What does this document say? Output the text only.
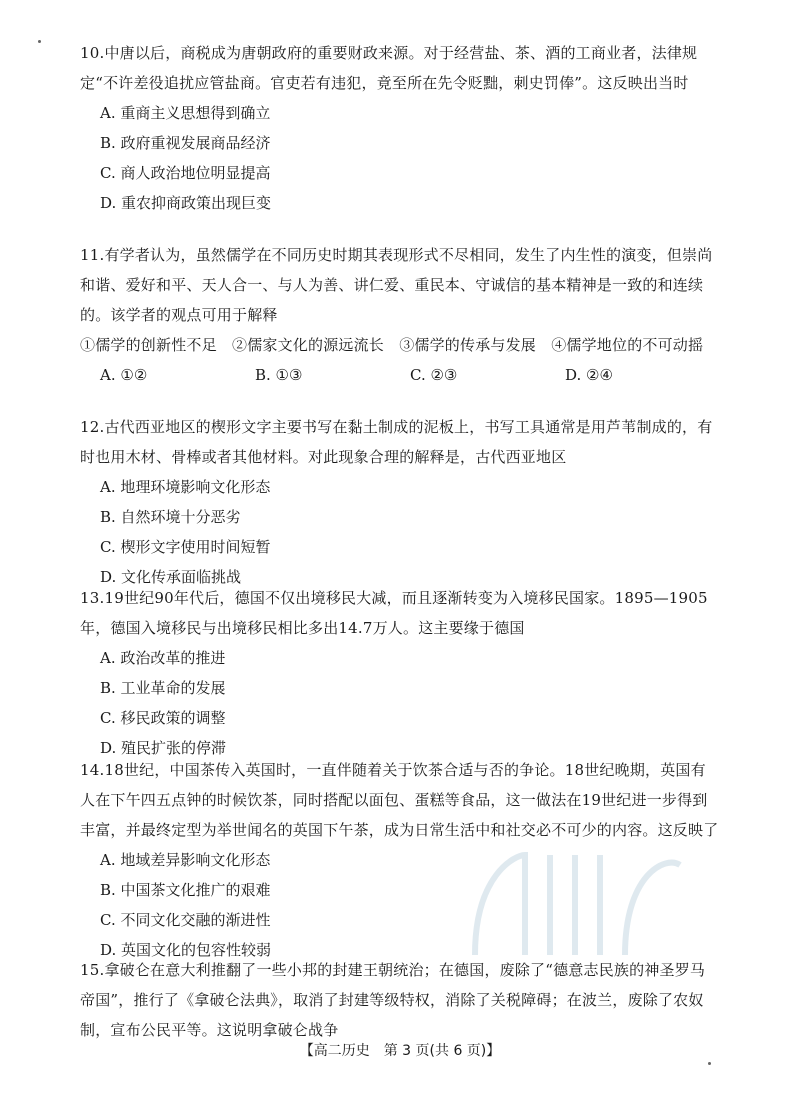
10.中唐以后，商税成为唐朝政府的重要财政来源。对于经营盐、茶、酒的工商业者，法律规定“不许差役追扰应管盐商。官吏若有违犯，竟至所在先令贬黜，刺史罚俸”。这反映出当时

A. 重商主义思想得到确立

B. 政府重视发展商品经济

C. 商人政治地位明显提高

D. 重农抑商政策出现巨变

11.有学者认为，虽然儒学在不同历史时期其表现形式不尽相同，发生了内生性的演变，但崇尚和谐、爱好和平、天人合一、与人为善、讲仁爱、重民本、守诚信的基本精神是一致的和连续的。该学者的观点可用于解释

①儒学的创新性不足　②儒家文化的源远流长　③儒学的传承与发展　④儒学地位的不可动摇

A. ①②	B. ①③	C. ②③	D. ②④

12.古代西亚地区的楔形文字主要书写在黏土制成的泥板上，书写工具通常是用芦苇制成的，有时也用木材、骨棒或者其他材料。对此现象合理的解释是，古代西亚地区

A. 地理环境影响文化形态

B. 自然环境十分恶劣

C. 楔形文字使用时间短暂

D. 文化传承面临挑战

13.19世纪90年代后，德国不仅出境移民大减，而且逐渐转变为入境移民国家。1895—1905年，德国入境移民与出境移民相比多出14.7万人。这主要缘于德国

A. 政治改革的推进

B. 工业革命的发展

C. 移民政策的调整

D. 殖民扩张的停滞

14.18世纪，中国茶传入英国时，一直伴随着关于饮茶合适与否的争论。18世纪晚期，英国有人在下午四五点钟的时候饮茶，同时搭配以面包、蛋糕等食品，这一做法在19世纪进一步得到丰富，并最终定型为举世闻名的英国下午茶，成为日常生活中和社交必不可少的内容。这反映了

A. 地域差异影响文化形态

B. 中国茶文化推广的艰难

C. 不同文化交融的渐进性

D. 英国文化的包容性较弱

15.拿破仑在意大利推翻了一些小邦的封建王朝统治；在德国，废除了“德意志民族的神圣罗马帝国”，推行了《拿破仑法典》，取消了封建等级特权，消除了关税障碍；在波兰，废除了农奴制，宣布公民平等。这说明拿破仑战争

【高二历史　第 3 页(共 6 页)】
